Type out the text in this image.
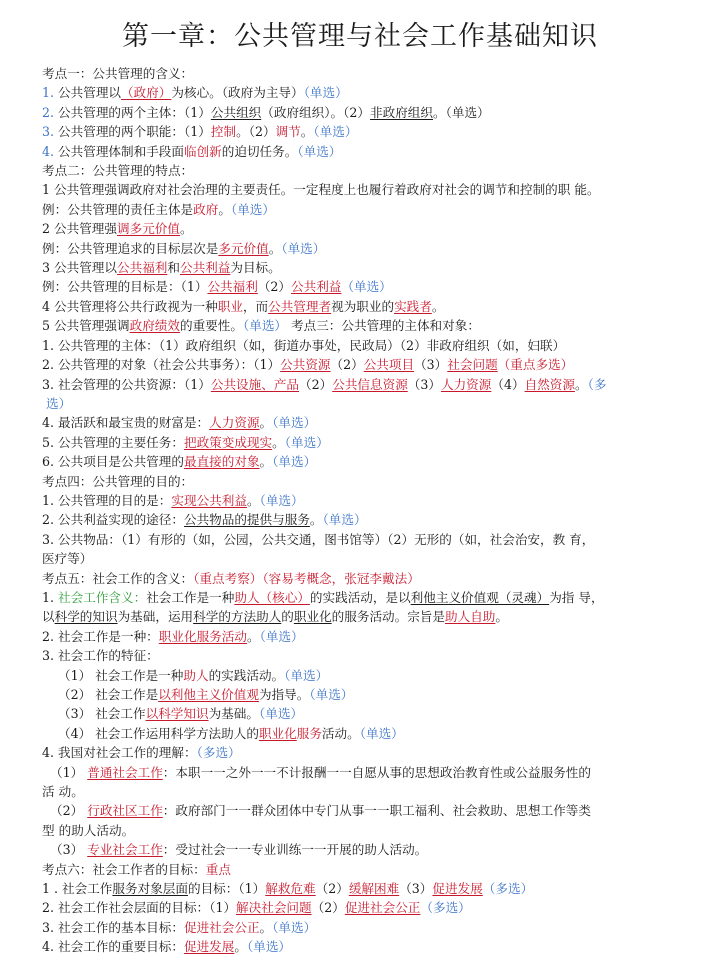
第一章：公共管理与社会工作基础知识
考点一：公共管理的含义：
1. 公共管理以（政府）为核心。（政府为主导）（单选）
2. 公共管理的两个主体：（1）公共组织（政府组织）。（2）非政府组织。（单选）
3. 公共管理的两个职能：（1）控制。（2）调节。（单选）
4. 公共管理体制和手段面临创新的迫切任务。（单选）
考点二：公共管理的特点：
1 公共管理强调政府对社会治理的主要责任。一定程度上也履行着政府对社会的调节和控制的职 能。
例：公共管理的责任主体是政府。（单选）
2 公共管理强调多元价值。
例：公共管理追求的目标层次是多元价值。（单选）
3 公共管理以公共福利和公共利益为目标。
例：公共管理的目标是：（1）公共福利（2）公共利益（单选）
4 公共管理将公共行政视为一种职业，而公共管理者视为职业的实践者。
5 公共管理强调政府绩效的重要性。（单选） 考点三：公共管理的主体和对象：
1. 公共管理的主体：（1）政府组织（如，街道办事处，民政局）（2）非政府组织（如，妇联）
2. 公共管理的对象（社会公共事务）：（1）公共资源（2）公共项目（3）社会问题（重点多选）
3. 社会管理的公共资源：（1）公共设施、产品（2）公共信息资源（3）人力资源（4）自然资源。（多
选）
4. 最活跃和最宝贵的财富是：人力资源。（单选）
5. 公共管理的主要任务：把政策变成现实。（单选）
6. 公共项目是公共管理的最直接的对象。（单选）
考点四：公共管理的目的：
1. 公共管理的目的是：实现公共利益。（单选）
2. 公共利益实现的途径：公共物品的提供与服务。（单选）
3. 公共物品：（1）有形的（如，公园，公共交通，图书馆等）（2）无形的（如，社会治安，教 育，
医疗等）
考点五：社会工作的含义：（重点考察）（容易考概念，张冠李戴法）
1. 社会工作含义：社会工作是一种助人（核心）的实践活动，是以利他主义价值观（灵魂）为指 导，
以科学的知识为基础，运用科学的方法助人的职业化的服务活动。宗旨是助人自助。
2. 社会工作是一种：职业化服务活动。（单选）
3. 社会工作的特征：
（1） 社会工作是一种助人的实践活动。（单选）
（2） 社会工作是以利他主义价值观为指导。（单选）
（3） 社会工作以科学知识为基础。（单选）
（4） 社会工作运用科学方法助人的职业化服务活动。（单选）
4. 我国对社会工作的理解：（多选）
（1） 普通社会工作：本职一一之外一一不计报酬一一自愿从事的思想政治教育性或公益服务性的
活 动。
（2） 行政社区工作：政府部门一一群众团体中专门从事一一职工福利、社会救助、思想工作等类
型 的助人活动。
（3） 专业社会工作：受过社会一一专业训练一一开展的助人活动。
考点六：社会工作者的目标：重点
1 . 社会工作服务对象层面的目标：（1）解救危难（2）缓解困难（3）促进发展（多选）
2. 社会工作社会层面的目标：（1）解决社会问题（2）促进社会公正（多选）
3. 社会工作的基本目标：促进社会公正。（单选）
4. 社会工作的重要目标：促进发展。（单选）
